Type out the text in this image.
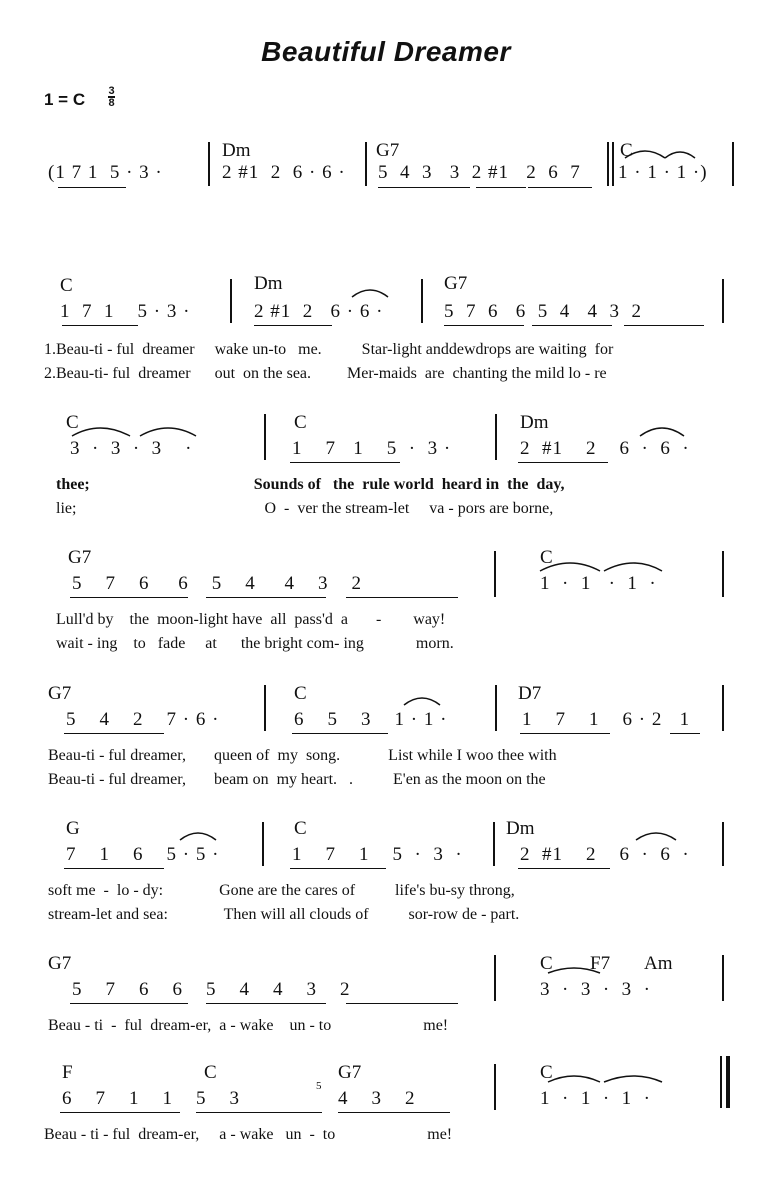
Beautiful Dreamer
1 = C 3
8
Dm	G7	C
(1 7 1  5 · 3 ·	2 #1  2  6 · 6 · 5  4  3   3  2 #1   2  6  7 1 · 1 · 1 ·)
C	Dm	G7
1  7  1    5 · 3 ·	2 #1  2   6 · 6 ·	5  7  6   6  5  4   4  3  2
1.Beau-ti - ful  dreamer     wake un-to   me.          Star-light anddewdrops are waiting  for
2.Beau-ti- ful  dreamer      out  on the sea.         Mer-maids  are  chanting the mild lo - re
C	C	Dm
3  ·  3  ·  3    ·	1    7   1    5  ·  3 ·	2  #1    2    6  ·  6  ·
thee;                                         Sounds of   the  rule world  heard in  the  day,
lie;                                               O  -  ver the stream-let     va - pors are borne,
G7	C
5    7    6     6    5    4     4    3    2	1  ·  1   ·  1  ·
Lull'd by    the  moon-light have  all  pass'd  a       -        way!
wait - ing    to   fade     at      the bright com- ing             morn.
G7	C	D7
5    4    2    7 · 6 ·	6    5    3    1 · 1 ·	1    7    1    6 · 2   1
Beau-ti - ful dreamer,       queen of  my  song.            List while I woo thee with
Beau-ti - ful dreamer,       beam on  my heart.   .          E'en as the moon on the
G	C	Dm
7    1    6    5 · 5 ·	1    7    1    5  ·  3  ·	2  #1    2    6  ·  6  ·
soft me  -  lo - dy:              Gone are the cares of          life's bu-sy throng,
stream-let and sea:              Then will all clouds of          sor-row de - part.
G7	C F7 Am
5    7    6    6    5    4    4    3    2	3  ·  3  ·  3  ·
Beau - ti  -  ful  dream-er,  a - wake    un - to                       me!
F	C	G7	C
6    7    1    1    5    3
5
4    3    2	1  ·  1  ·  1  ·
Beau - ti - ful  dream-er,     a - wake   un  -  to                       me!
